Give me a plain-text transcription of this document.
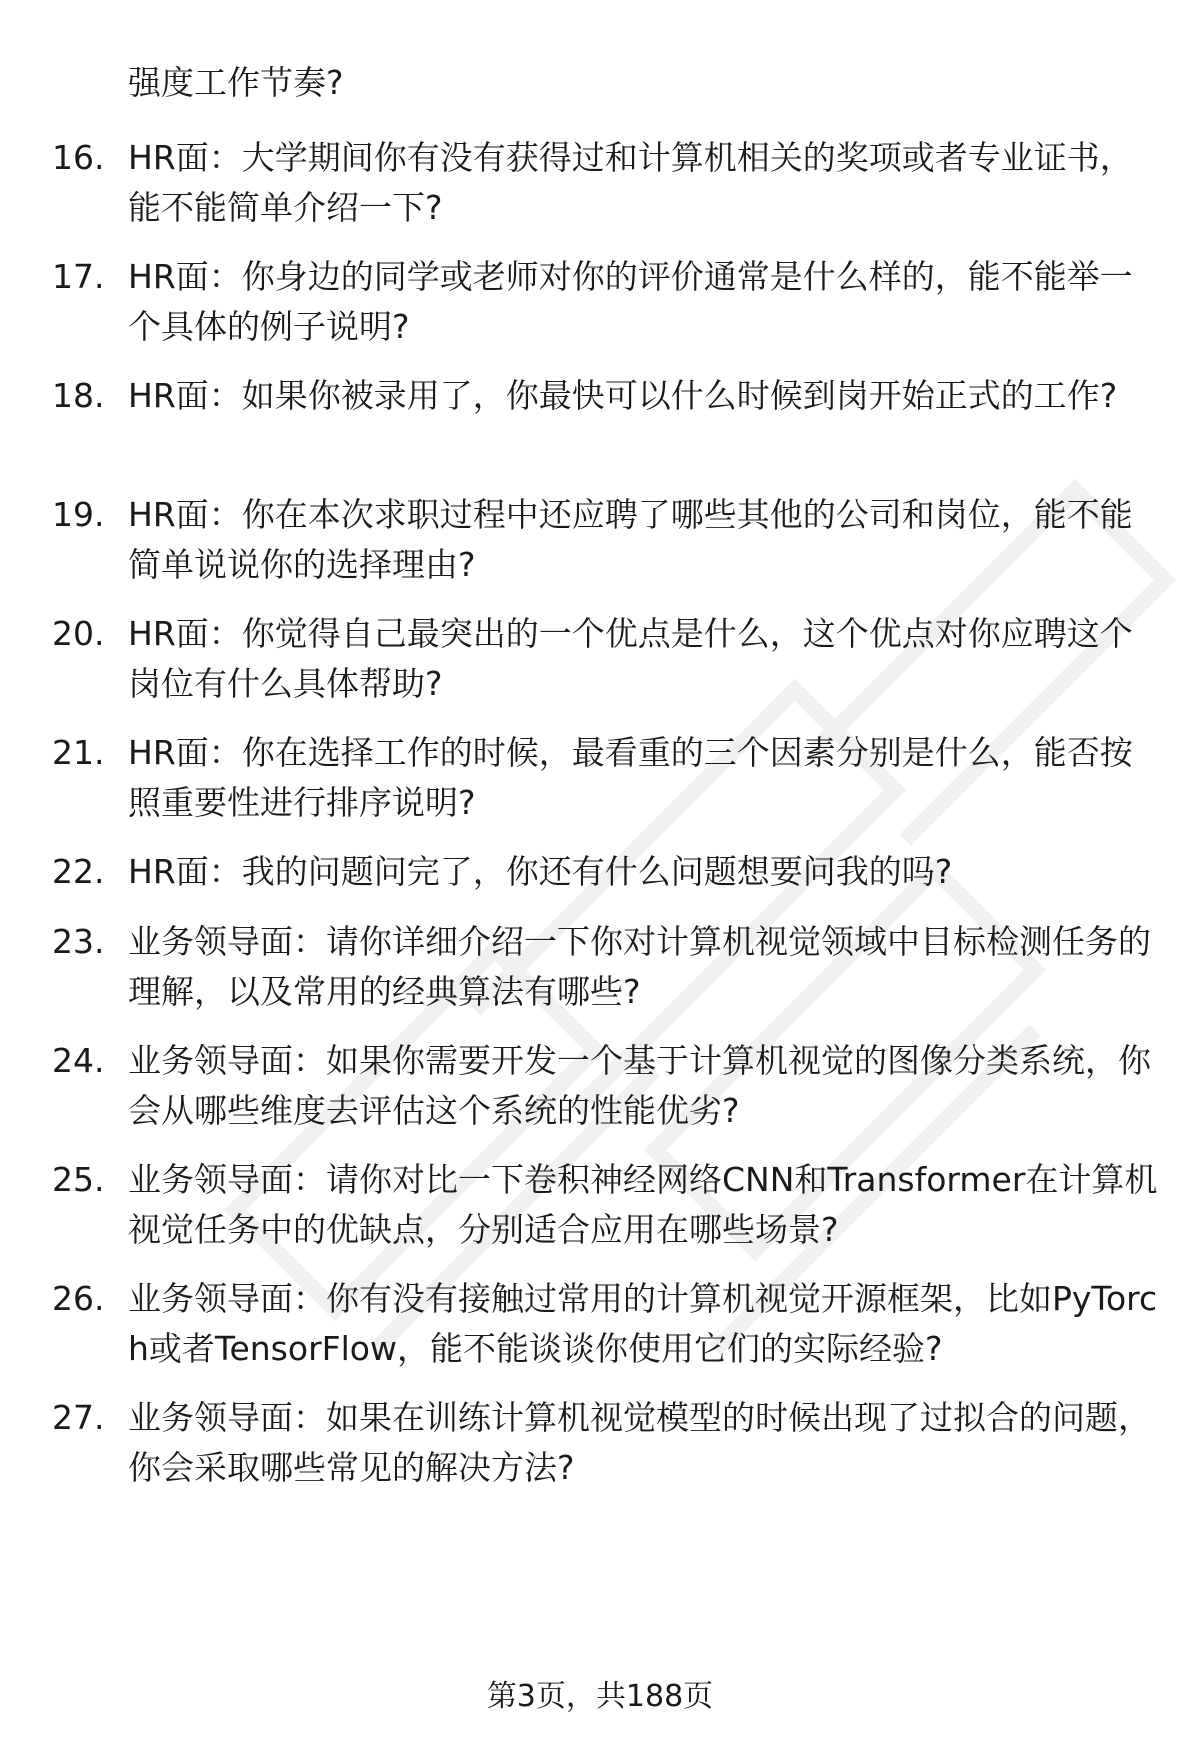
强度工作节奏?
16. HR面：大学期间你有没有获得过和计算机相关的奖项或者专业证书，能不能简单介绍一下?
17. HR面：你身边的同学或老师对你的评价通常是什么样的，能不能举一个具体的例子说明?
18. HR面：如果你被录用了，你最快可以什么时候到岗开始正式的工作?
19. HR面：你在本次求职过程中还应聘了哪些其他的公司和岗位，能不能简单说说你的选择理由?
20. HR面：你觉得自己最突出的一个优点是什么，这个优点对你应聘这个岗位有什么具体帮助?
21. HR面：你在选择工作的时候，最看重的三个因素分别是什么，能否按照重要性进行排序说明?
22. HR面：我的问题问完了，你还有什么问题想要问我的吗?
23. 业务领导面：请你详细介绍一下你对计算机视觉领域中目标检测任务的理解，以及常用的经典算法有哪些?
24. 业务领导面：如果你需要开发一个基于计算机视觉的图像分类系统，你会从哪些维度去评估这个系统的性能优劣?
25. 业务领导面：请你对比一下卷积神经网络CNN和Transformer在计算机视觉任务中的优缺点，分别适合应用在哪些场景?
26. 业务领导面：你有没有接触过常用的计算机视觉开源框架，比如PyTorch或者TensorFlow，能不能谈谈你使用它们的实际经验?
27. 业务领导面：如果在训练计算机视觉模型的时候出现了过拟合的问题，你会采取哪些常见的解决方法?
第3页，共188页
